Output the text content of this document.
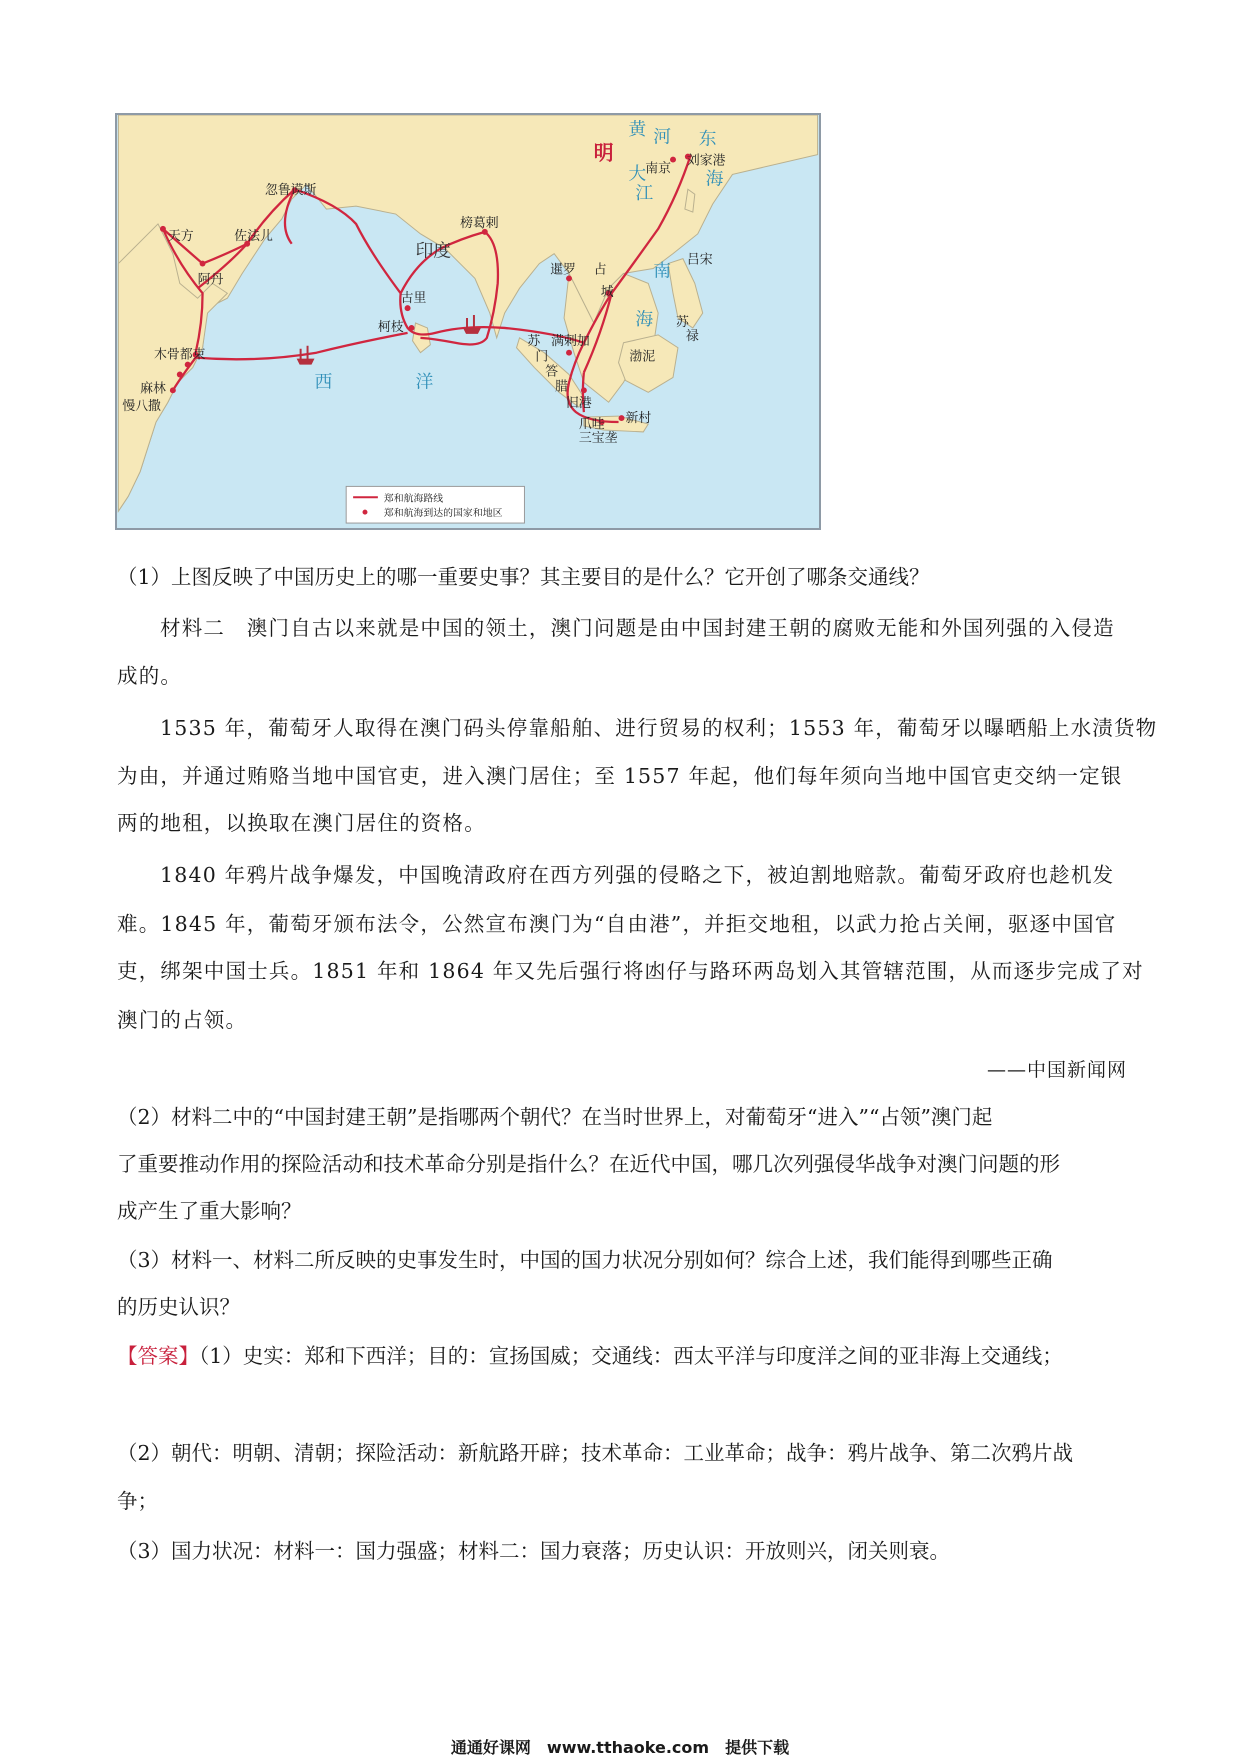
明
南京
刘家港
忽鲁谟斯
天方	佐法儿
阿丹
印度
榜葛剌
古里
柯枝
暹罗 占
城
吕宋
苏
禄
渤泥
满剌加
苏
门
答
腊
旧港
爪哇
三宝垄
新村
木骨都束
麻林
慢八撒
黄 河
大
江
东
海
南
海
西	洋
郑和航海路线
郑和航海到达的国家和地区
（1）上图反映了中国历史上的哪一重要史事？其主要目的是什么？它开创了哪条交通线？
材料二　澳门自古以来就是中国的领土，澳门问题是由中国封建王朝的腐败无能和外国列强的入侵造
成的。
1535 年，葡萄牙人取得在澳门码头停靠船舶、进行贸易的权利；1553 年，葡萄牙以曝晒船上水渍货物
为由，并通过贿赂当地中国官吏，进入澳门居住；至 1557 年起，他们每年须向当地中国官吏交纳一定银
两的地租，以换取在澳门居住的资格。
1840 年鸦片战争爆发，中国晚清政府在西方列强的侵略之下，被迫割地赔款。葡萄牙政府也趁机发
难。1845 年，葡萄牙颁布法令，公然宣布澳门为“自由港”，并拒交地租，以武力抢占关闸，驱逐中国官
吏，绑架中国士兵。1851 年和 1864 年又先后强行将凼仔与路环两岛划入其管辖范围，从而逐步完成了对
澳门的占领。
——中国新闻网
（2）材料二中的“中国封建王朝”是指哪两个朝代？在当时世界上，对葡萄牙“进入”“占领”澳门起
了重要推动作用的探险活动和技术革命分别是指什么？在近代中国，哪几次列强侵华战争对澳门问题的形
成产生了重大影响？
（3）材料一、材料二所反映的史事发生时，中国的国力状况分别如何？综合上述，我们能得到哪些正确
的历史认识？
【答案】（1）史实：郑和下西洋；目的：宣扬国威；交通线：西太平洋与印度洋之间的亚非海上交通线；
（2）朝代：明朝、清朝；探险活动：新航路开辟；技术革命：工业革命；战争：鸦片战争、第二次鸦片战
争；
（3）国力状况：材料一：国力强盛；材料二：国力衰落；历史认识：开放则兴，闭关则衰。
通通好课网　www.tthaoke.com　提供下载
